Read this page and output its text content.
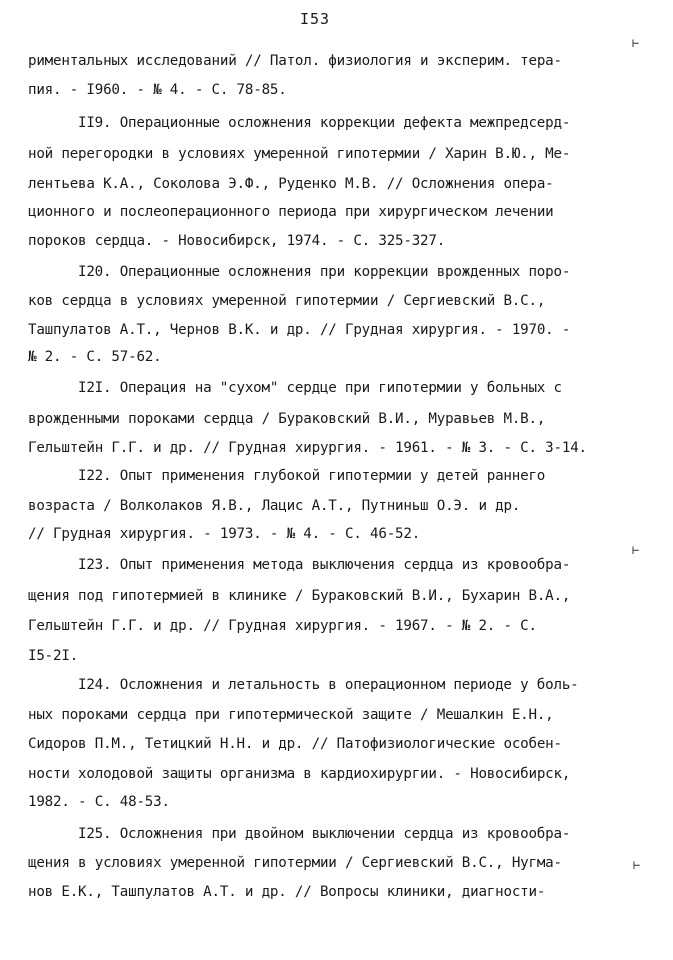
I53
риментальных исследований // Патол. физиология и эксперим. тера-
пия. - I960. - № 4. - С. 78-85.
II9. Операционные осложнения коррекции дефекта межпредсерд-
ной перегородки в условиях умеренной гипотермии / Харин В.Ю., Ме-
лентьева К.А., Соколова Э.Ф., Руденко М.В. // Осложнения опера-
ционного и послеоперационного периода при хирургическом лечении
пороков сердца. - Новосибирск, 1974. - С. 325-327.
I20. Операционные осложнения при коррекции врожденных поро-
ков сердца в условиях умеренной гипотермии / Сергиевский В.С.,
Ташпулатов А.Т., Чернов В.К. и др. // Грудная хирургия. - 1970. -
№ 2. - С. 57-62.
I2I. Операция на "сухом" сердце при гипотермии у больных с
врожденными пороками сердца / Бураковский В.И., Муравьев М.В.,
Гельштейн Г.Г. и др. // Грудная хирургия. - 1961. - № 3. - С. 3-14.
I22. Опыт применения глубокой гипотермии у детей раннего
возраста / Волколаков Я.В., Лацис А.Т., Путниньш О.Э. и др.
// Грудная хирургия. - 1973. - № 4. - С. 46-52.
I23. Опыт применения метода выключения сердца из кровообра-
щения под гипотермией в клинике / Бураковский В.И., Бухарин В.А.,
Гельштейн Г.Г. и др. // Грудная хирургия. - 1967. - № 2. - С.
I5-2I.
I24. Осложнения и летальность в операционном периоде у боль-
ных пороками сердца при гипотермической защите / Мешалкин Е.Н.,
Сидоров П.М., Тетицкий Н.Н. и др. // Патофизиологические особен-
ности холодовой защиты организма в кардиохирургии. - Новосибирск,
1982. - С. 48-53.
I25. Осложнения при двойном выключении сердца из кровообра-
щения в условиях умеренной гипотермии / Сергиевский В.С., Нугма-
нов Е.К., Ташпулатов А.Т. и др. // Вопросы клиники, диагности-
⊢
⊢
⊢
